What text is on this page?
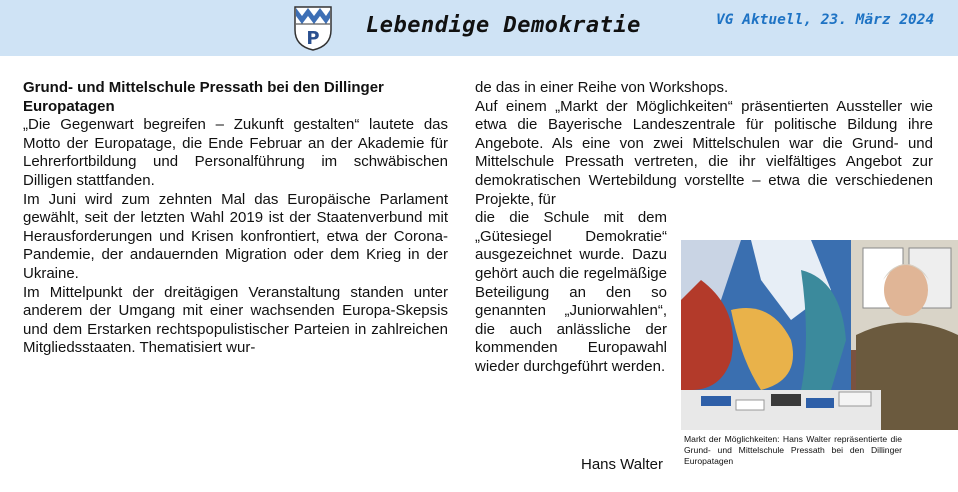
P
Lebendige Demokratie	VG Aktuell, 23. März 2024

Grund- und Mittelschule Pressath bei den Dillinger Europatagen

„Die Gegenwart begreifen – Zukunft gestalten“ lautete das Motto der Europatage, die Ende Februar an der Akademie für Lehrerfortbildung und Personalführung im schwäbischen Dilligen stattfanden.

Im Juni wird zum zehnten Mal das Europäische Parlament gewählt, seit der letzten Wahl 2019 ist der Staatenverbund mit Herausforderungen und Krisen konfrontiert, etwa der Corona-Pandemie, der andauernden Migration oder dem Krieg in der Ukraine.

Im Mittelpunkt der dreitägigen Veranstaltung standen unter anderem der Umgang mit einer wachsenden Europa-Skepsis und dem Erstarken rechtspopulistischer Parteien in zahlreichen Mitgliedsstaaten. Thematisiert wur-

de das in einer Reihe von Workshops.

Auf einem „Markt der Möglichkeiten“ präsentierten Aussteller wie etwa die Bayerische Landeszentrale für politische Bildung ihre Angebote. Als eine von zwei Mittelschulen war die Grund- und Mittelschule Pressath vertreten, die ihr vielfältiges Angebot zur demokratischen Wertebildung vorstellte – etwa die verschiedenen Projekte, für

die die Schule mit dem „Gütesiegel Demokratie“ ausgezeichnet wurde. Dazu gehört auch die regelmäßige Beteiligung an den so genannten „Juniorwahlen“, die auch anlässliche der kommenden Europawahl wieder durchgeführt werden.

Markt der Möglichkeiten: Hans Walter repräsentierte die Grund- und Mittelschule Pressath bei den Dillinger Europatagen
Hans Walter
